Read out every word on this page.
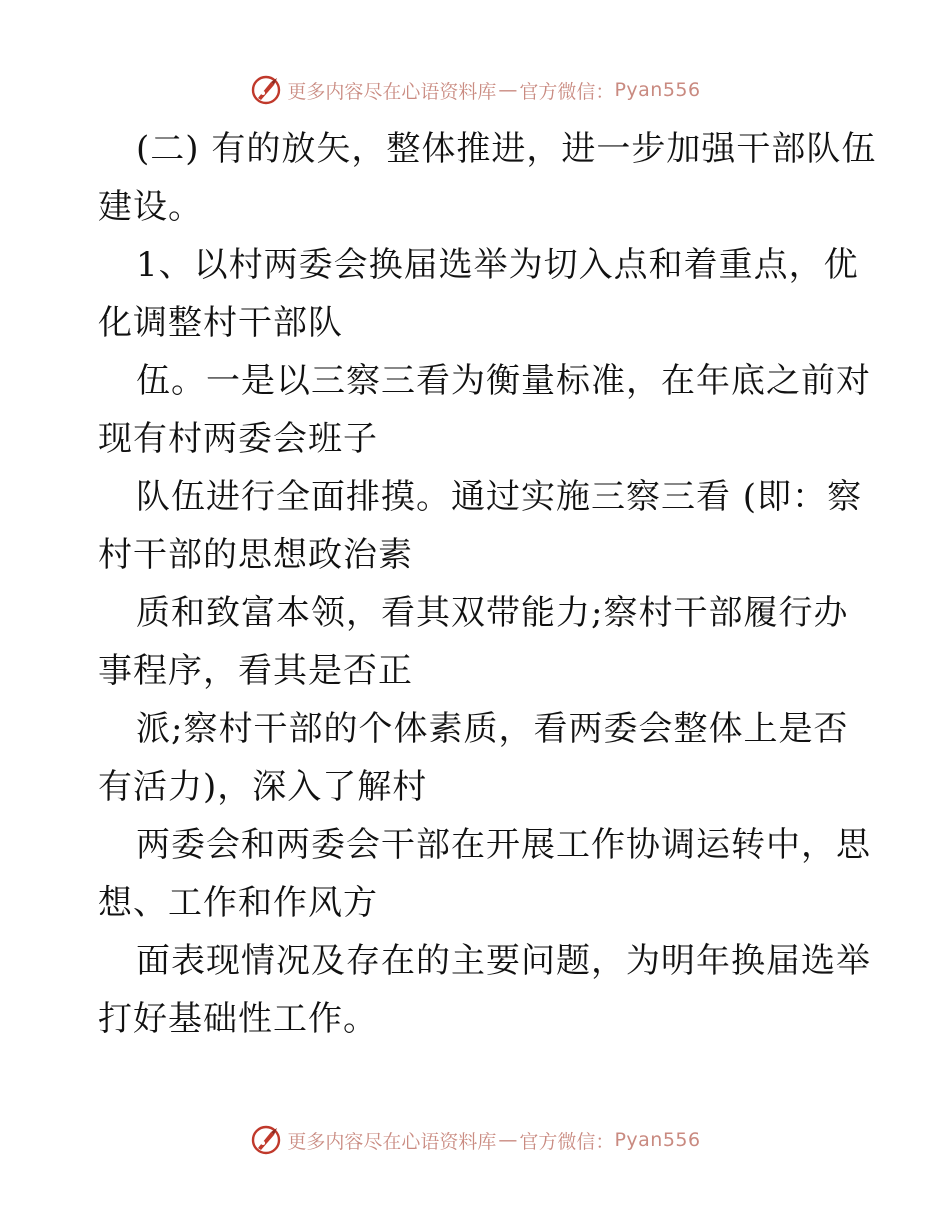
更多内容尽在心语资料库 — 官方微信： Pyan556
(二) 有的放矢，整体推进，进一步加强干部队伍
建设。
1、以村两委会换届选举为切入点和着重点，优
化调整村干部队
伍。一是以三察三看为衡量标准，在年底之前对
现有村两委会班子
队伍进行全面排摸。通过实施三察三看 (即：察
村干部的思想政治素
质和致富本领，看其双带能力;察村干部履行办
事程序，看其是否正
派;察村干部的个体素质，看两委会整体上是否
有活力)，深入了解村
两委会和两委会干部在开展工作协调运转中，思
想、工作和作风方
面表现情况及存在的主要问题，为明年换届选举
打好基础性工作。
更多内容尽在心语资料库 — 官方微信： Pyan556
